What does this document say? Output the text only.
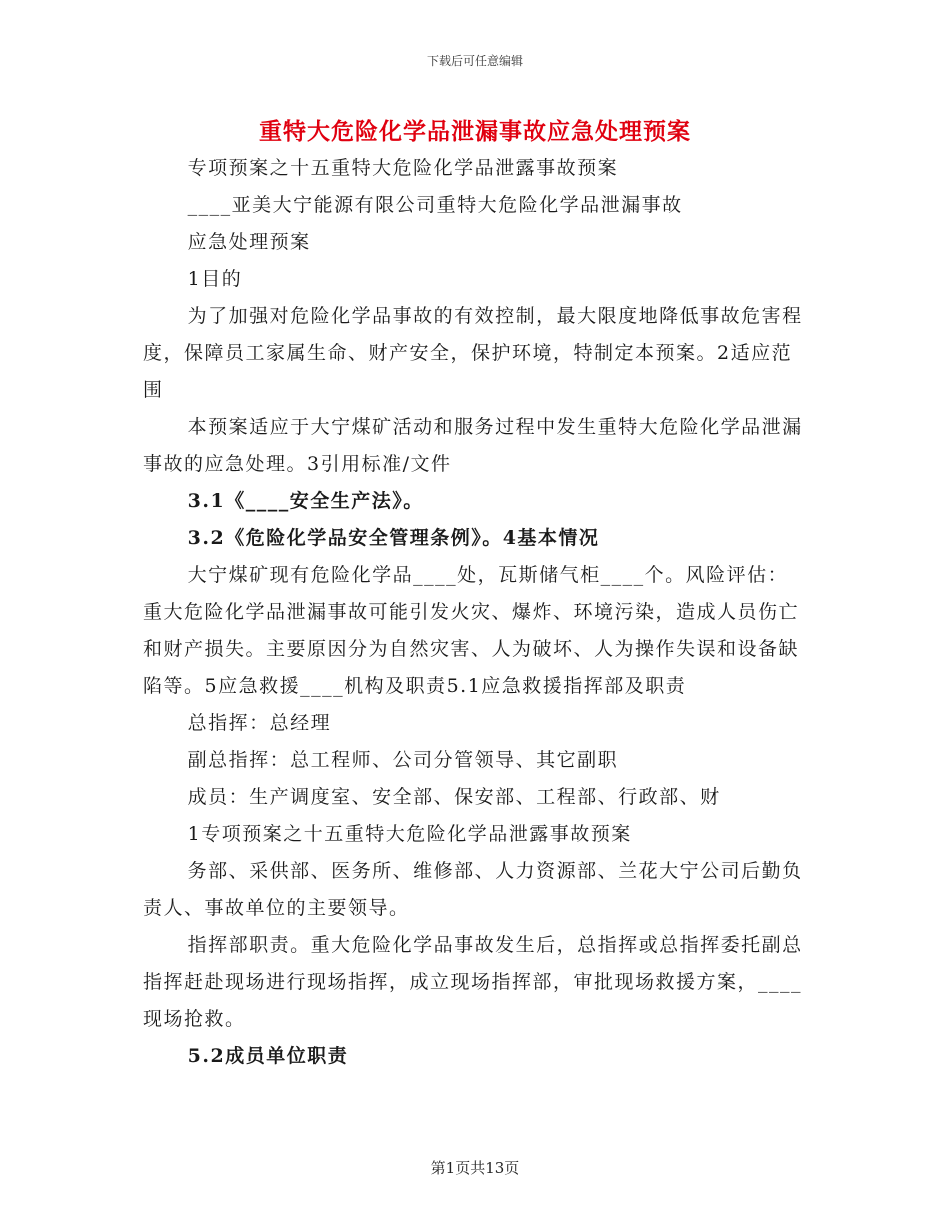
下载后可任意编辑
重特大危险化学品泄漏事故应急处理预案

专项预案之十五重特大危险化学品泄露事故预案

____亚美大宁能源有限公司重特大危险化学品泄漏事故

应急处理预案

1目的

为了加强对危险化学品事故的有效控制，最大限度地降低事故危害程度，保障员工家属生命、财产安全，保护环境，特制定本预案。2适应范围

本预案适应于大宁煤矿活动和服务过程中发生重特大危险化学品泄漏事故的应急处理。3引用标准/文件

3.1《____安全生产法》。

3.2《危险化学品安全管理条例》。4基本情况

大宁煤矿现有危险化学品____处，瓦斯储气柜____个。风险评估：重大危险化学品泄漏事故可能引发火灾、爆炸、环境污染，造成人员伤亡和财产损失。主要原因分为自然灾害、人为破坏、人为操作失误和设备缺陷等。5应急救援____机构及职责5.1应急救援指挥部及职责

总指挥：总经理

副总指挥：总工程师、公司分管领导、其它副职

成员：生产调度室、安全部、保安部、工程部、行政部、财

1专项预案之十五重特大危险化学品泄露事故预案

务部、采供部、医务所、维修部、人力资源部、兰花大宁公司后勤负责人、事故单位的主要领导。

指挥部职责。重大危险化学品事故发生后，总指挥或总指挥委托副总指挥赶赴现场进行现场指挥，成立现场指挥部，审批现场救援方案，____现场抢救。

5.2成员单位职责

第1页共13页
